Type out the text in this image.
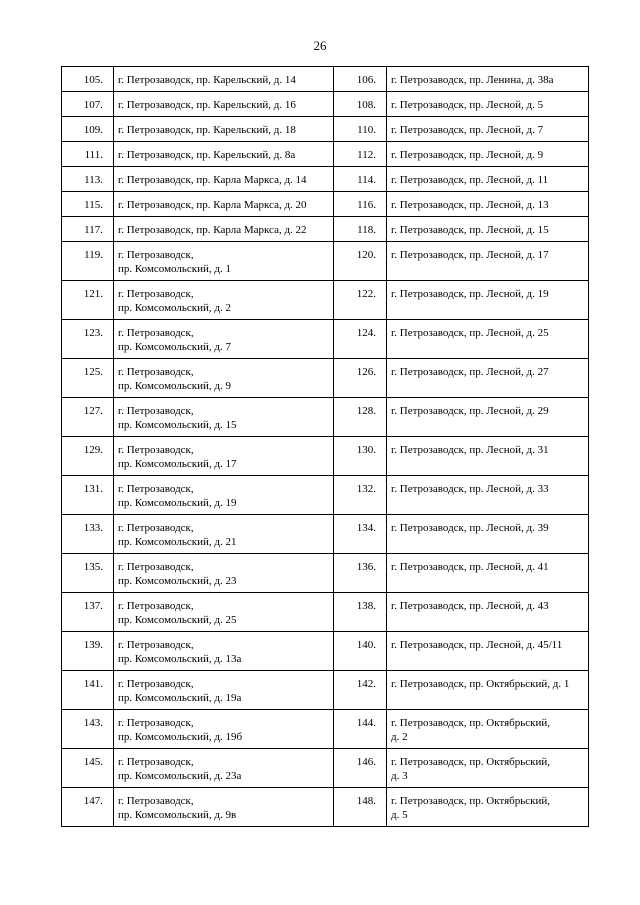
26
105.	г. Петрозаводск, пр. Карельский, д. 14	106.	г. Петрозаводск, пр. Ленина, д. 38а

107.	г. Петрозаводск, пр. Карельский, д. 16	108.	г. Петрозаводск, пр. Лесной, д. 5

109.	г. Петрозаводск, пр. Карельский, д. 18	110.	г. Петрозаводск, пр. Лесной, д. 7

111.	г. Петрозаводск, пр. Карельский, д. 8а	112.	г. Петрозаводск, пр. Лесной, д. 9

113.	г. Петрозаводск, пр. Карла Маркса, д. 14	114.	г. Петрозаводск, пр. Лесной, д. 11

115.	г. Петрозаводск, пр. Карла Маркса, д. 20	116.	г. Петрозаводск, пр. Лесной, д. 13

117.	г. Петрозаводск, пр. Карла Маркса, д. 22	118.	г. Петрозаводск, пр. Лесной, д. 15

119.	г. Петрозаводск,
пр. Комсомольский, д. 1	120.	г. Петрозаводск, пр. Лесной, д. 17

121.	г. Петрозаводск,
пр. Комсомольский, д. 2	122.	г. Петрозаводск, пр. Лесной, д. 19

123.	г. Петрозаводск,
пр. Комсомольский, д. 7	124.	г. Петрозаводск, пр. Лесной, д. 25

125.	г. Петрозаводск,
пр. Комсомольский, д. 9	126.	г. Петрозаводск, пр. Лесной, д. 27

127.	г. Петрозаводск,
пр. Комсомольский, д. 15	128.	г. Петрозаводск, пр. Лесной, д. 29

129.	г. Петрозаводск,
пр. Комсомольский, д. 17	130.	г. Петрозаводск, пр. Лесной, д. 31

131.	г. Петрозаводск,
пр. Комсомольский, д. 19	132.	г. Петрозаводск, пр. Лесной, д. 33

133.	г. Петрозаводск,
пр. Комсомольский, д. 21	134.	г. Петрозаводск, пр. Лесной, д. 39

135.	г. Петрозаводск,
пр. Комсомольский, д. 23	136.	г. Петрозаводск, пр. Лесной, д. 41

137.	г. Петрозаводск,
пр. Комсомольский, д. 25	138.	г. Петрозаводск, пр. Лесной, д. 43

139.	г. Петрозаводск,
пр. Комсомольский, д. 13а	140.	г. Петрозаводск, пр. Лесной, д. 45/11

141.	г. Петрозаводск,
пр. Комсомольский, д. 19а	142.	г. Петрозаводск, пр. Октябрьский, д. 1

143.	г. Петрозаводск,
пр. Комсомольский, д. 19б	144.	г. Петрозаводск, пр. Октябрьский,
д. 2

145.	г. Петрозаводск,
пр. Комсомольский, д. 23а	146.	г. Петрозаводск, пр. Октябрьский,
д. 3

147.	г. Петрозаводск,
пр. Комсомольский, д. 9в	148.	г. Петрозаводск, пр. Октябрьский,
д. 5
